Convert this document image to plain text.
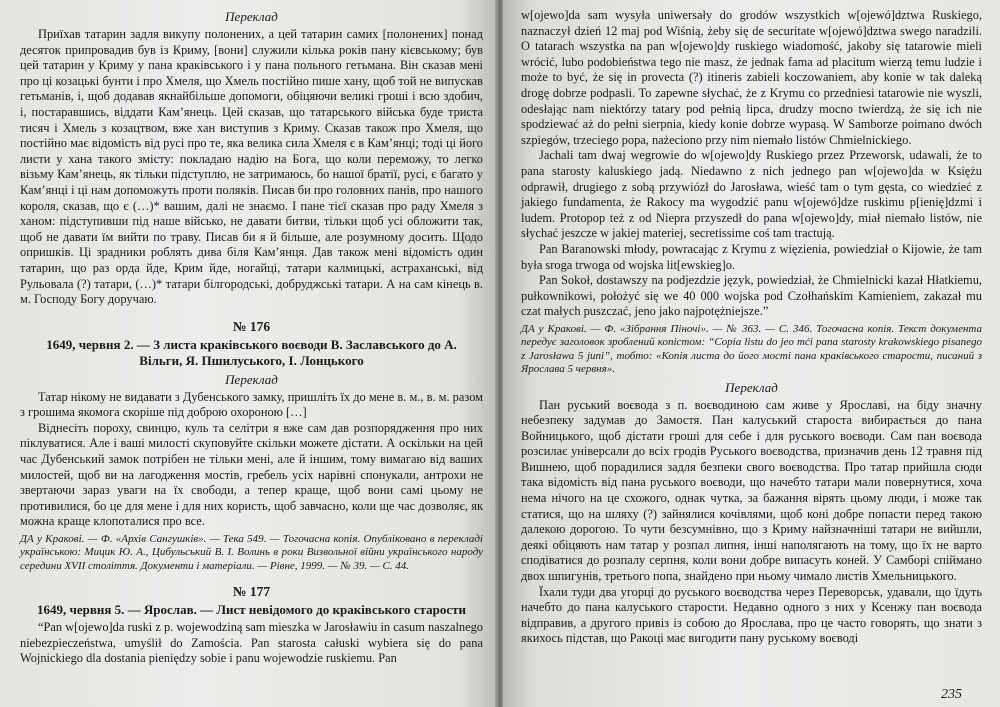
Переклад

Приїхав татарин задля викупу полонених, а цей татарин самих [полонених] понад десяток припровадив був із Криму, [вони] служили кілька років пану кієвському; був цей татарин у Криму у пана краківського і у пана польного гетьмана. Він сказав мені про ці козацькі бунти і про Хмеля, що Хмель постійно пише хану, щоб той не випускав гетьманів, і, щоб додавав якнайбільше допомоги, обіцяючи великі гроші і всю здобич, і, постаравшись, віддати Кам’янець. Цей сказав, що татарського війська буде триста тисяч і Хмель з козацтвом, вже хан виступив з Криму. Сказав також про Хмеля, що постійно має відомість від русі про те, яка велика сила Хмеля є в Кам’янці; тоді ці його листи у хана такого змісту: покладаю надію на Бога, що коли переможу, то легко візьму Кам’янець, як тільки підступлю, не затримаюсь, бо нашої братії, русі, є багато у Кам’янці і ці нам допоможуть проти поляків. Писав би про головних панів, про нашого короля, сказав, що є (…)* вашим, далі не знаємо. І пане тієї сказав про раду Хмеля з ханом: підступивши під наше військо, не давати битви, тільки щоб усі обложити так, щоб не давати їм вийти по траву. Писав би я й більше, але розумному досить. Щодо опришків. Ці зрадники роблять дива біля Кам’янця. Дав також мені відомість один татарин, що раз орда йде, Крим йде, ногайці, татари калмицькі, астраханські, від Рульовала (?) татари, (…)* татари білгородські, добруджські татари. А на сам кінець в. м. Господу Богу доручаю.

№ 176
1649, червня 2. — З листа краківського воєводи В. Заславського до А. Вільги, Я. Пшилуського, І. Лонцького
Переклад

Татар нікому не видавати з Дубенського замку, пришліть їх до мене в. м., в. м. разом з грошима якомога скоріше під доброю охороною […]

Віднесіть пороху, свинцю, куль та селітри я вже сам дав розпорядження про них піклуватися. Але і ваші милості скуповуйте скільки можете дістати. А оскільки на цей час Дубенський замок потрібен не тільки мені, але й іншим, тому вимагаю від ваших милостей, щоб ви на лагодження мостів, гребель усіх нарівні спонукали, антрохи не звертаючи зараз уваги на їх свободи, а тепер краще, щоб вони самі цьому не противилися, бо це для мене і для них користь, щоб завчасно, коли ще час дозволяє, як можна краще клопоталися про все.

ДА у Кракові. — Ф. «Архів Сангушків». — Тека 549. — Тогочасна копія. Опубліковано в перекладі українською: Мицик Ю. А., Цибульський В. І. Волинь в роки Визвольної війни українського народу середини XVII століття. Документи і матеріали. — Рівне, 1999. — № 39. — С. 44.
№ 177
1649, червня 5. — Ярослав. — Лист невідомого до краківського старости

“Pan w[ojewo]da ruski z p. wojewodziną sam mieszka w Jarosławiu in casum naszalnego niebezpieczeństwa, umyślił do Zamościa. Pan starosta całuski wybiera się do pana Wojnickiego dla dostania pieniędzy sobie i panu wojewodzie ruskiemu. Pan

w[ojewo]da sam wysyła uniwersały do grodów wszystkich w[ojewó]dztwa Ruskiego, naznaczył dzień 12 maj pod Wiśnią, żeby się de securitate w[ojewó]dztwa swego naradzili. O tatarach wszystka na pan w[ojewo]dy ruskiego wiadomość, jakoby się tatarowie mieli wrócić, lubo podobieństwa tego nie masz, że jednak fama ad placitum wierzą temu ludzie i może to być, że się in provecta (?) itineris zabieli koczowaniem, aby konie w tak daleką drogę dobrze podpasli. To zapewne słychać, że z Krymu co przedniesi tatarowie nie wyszli, odesłając nam niektórzy tatary pod pełnią lipca, drudzy mocno twierdzą, że się ich nie spodziewać aż do pełni sierpnia, kiedy konie dobrze wypasą. W Samborze poimano dwóch szpiegów, trzeciego popa, nażeciono przy nim niemało listów Chmielnickiego.

Jachali tam dwaj wegrowie do w[ojewo]dy Ruskiego przez Przeworsk, udawali, że to pana starosty kaluskiego jadą. Niedawno z nich jednego pan w[ojewo]da w Księżu odprawił, drugiego z sobą przywiózł do Jarosława, wieść tam o tym gęsta, co wiedzieć z jakiego fundamenta, że Rakocy ma wygodzić panu w[ojewó]dze ruskimu p[ienię]dzmi i ludem. Protopop też z od Niepra przyszedł do pana w[ojewo]dy, miał niemało listów, nie słychać jeszcze w jakiej materiej, secretissime coś tam tractują.

Pan Baranowski młody, powracając z Krymu z więzienia, powiedział o Kijowie, że tam była sroga trwoga od wojska lit[ewskieg]o.

Pan Sokoł, dostawszy na podjezdzie język, powiedział, że Chmielnicki kazał Hłatkiemu, pułkownikowi, położyć się we 40 000 wojska pod Czołhańskim Kamieniem, zakazał mu czat małych puszczać, jeno jako najpotężniejsze.”

ДА у Кракові. — Ф. «Зібрання Піночі». — № 363. — С. 346. Тогочасна копія. Текст документа передує заголовок зроблений копістом: “Copia listu do jeo mći pana starosty krakowskiego pisanego z Jarosławа 5 junі”, тобто: «Копія листа до його мості пана краківського старости, писаний з Ярослава 5 червня».
Переклад

Пан руський воєвода з п. воєводиною сам живе у Ярославі, на біду значну небезпеку задумав до Замостя. Пан калуський староста вибирається до пана Войницького, щоб дістати гроші для себе і для руського воєводи. Сам пан воєвода розсилає універсали до всіх гродів Руського воєводства, призначив день 12 травня під Вишнею, щоб порадилися задля безпеки свого воєводства. Про татар прийшла сюди така відомість від пана руського воєводи, що начебто татари мали повернутися, хоча нема нічого на це схожого, однак чутка, за бажання вірять цьому люди, і може так статися, що на шляху (?) зайнялися кочівлями, щоб коні добре попасти перед такою далекою дорогою. То чути безсумнівно, що з Криму найзначніші татари не вийшли, деякі обіцяють нам татар у розпал липня, інші наполягають на тому, що їх не варто сподіватися до розпалу серпня, коли вони добре випасуть коней. У Самборі спіймано двох шпигунів, третього попа, знайдено при ньому чимало листів Хмельницького.

Їхали туди два угорці до руського воєводства через Переворськ, удавали, що їдуть начебто до пана калуського старости. Недавно одного з них у Ксенжу пан воєвода відправив, а другого привіз із собою до Ярослава, про це часто говорять, що знати з якихось підстав, що Ракоці має вигодити пану руському воєводі

235
